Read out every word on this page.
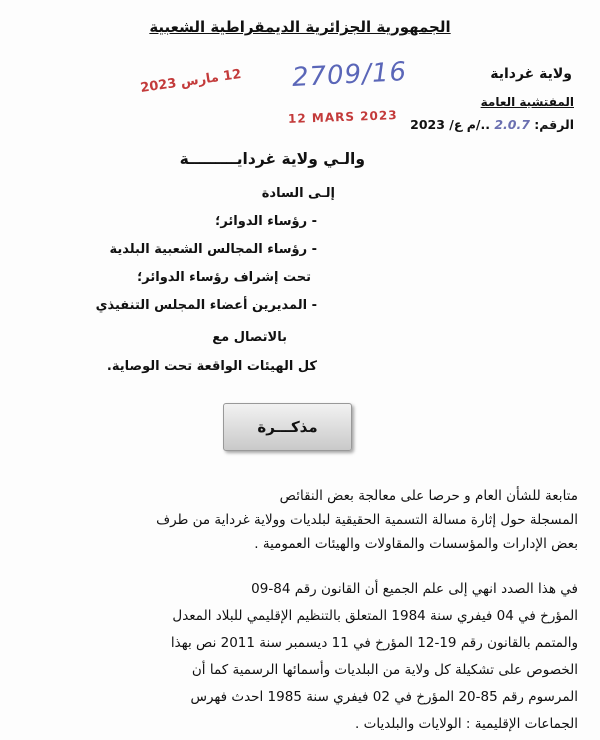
الجمهورية الجزائرية الديمقراطية الشعبية
ولاية غرداية
المفتشية العامة
الرقم: 2.0.7 ../م ع/ 2023
2709/16
12 مارس 2023
12 MARS 2023
والـي ولاية غردايـــــــــة
إلـى السادة
- رؤساء الدوائر؛
- رؤساء المجالس الشعبية البلدية
تحت إشراف رؤساء الدوائر؛
- المديرين أعضاء المجلس التنفيذي
بالاتصال مع
كل الهيئات الواقعة تحت الوصاية.
مذكـــرة
متابعة للشأن العام و حرصا على معالجة بعض النقائص
المسجلة حول إثارة مسالة التسمية الحقيقية لبلديات وولاية غرداية من طرف
بعض الإدارات والمؤسسات والمقاولات والهيئات العمومية .
في هذا الصدد انهي إلى علم الجميع أن القانون رقم 84-09
المؤرخ في 04 فيفري سنة 1984 المتعلق بالتنظيم الإقليمي للبلاد المعدل
والمتمم بالقانون رقم 19-12 المؤرخ في 11 ديسمبر سنة 2011 نص بهذا
الخصوص على تشكيلة كل ولاية من البلديات وأسمائها الرسمية كما أن
المرسوم رقم 85-20 المؤرخ في 02 فيفري سنة 1985 احدث فهرس
الجماعات الإقليمية : الولايات والبلديات .
